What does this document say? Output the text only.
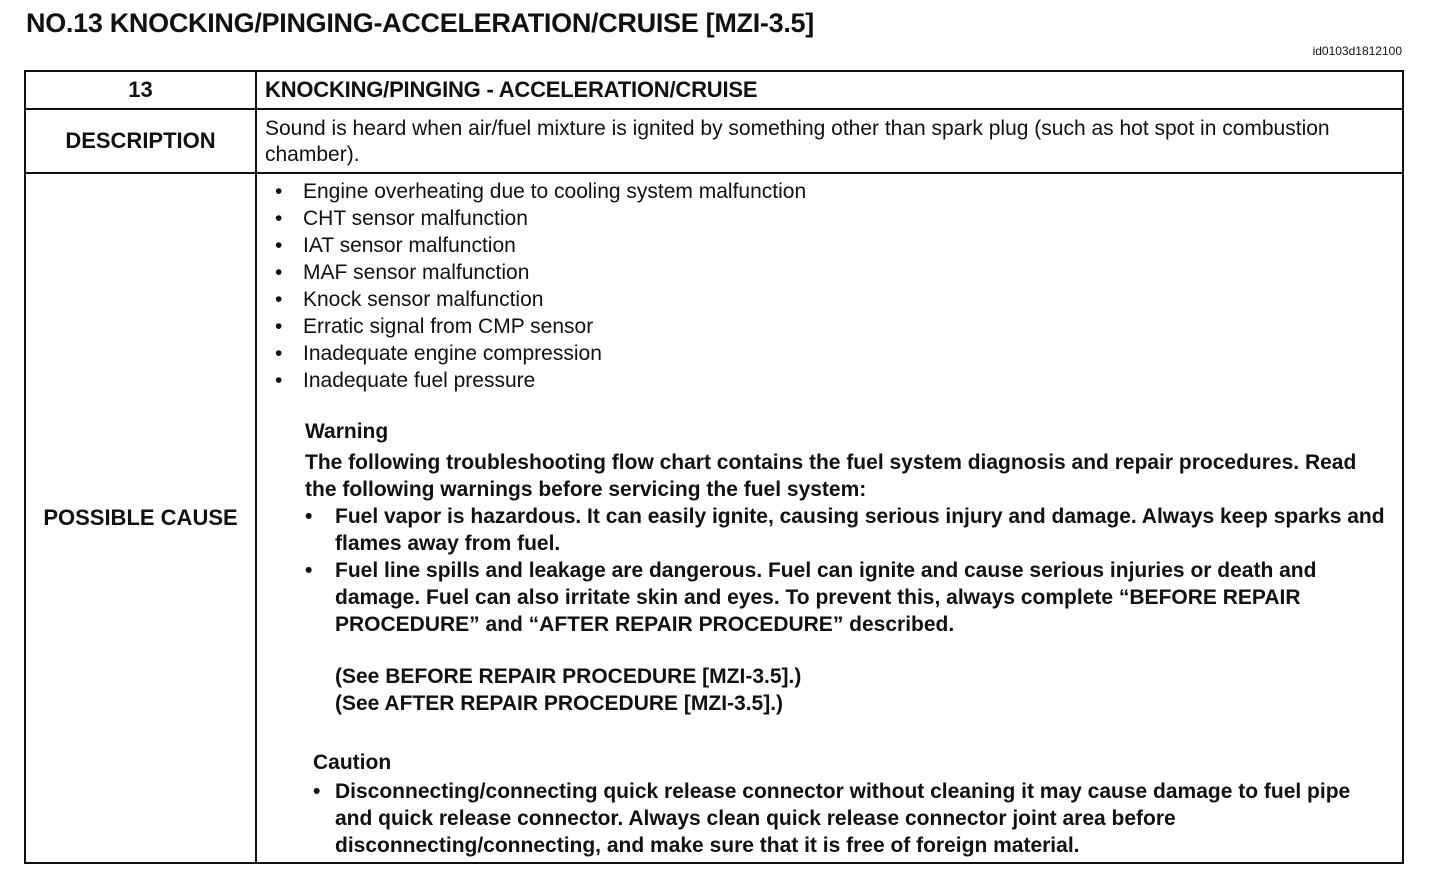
NO.13 KNOCKING/PINGING-ACCELERATION/CRUISE [MZI-3.5]
id0103d1812100
13	KNOCKING/PINGING - ACCELERATION/CRUISE
DESCRIPTION	Sound is heard when air/fuel mixture is ignited by something other than spark plug (such as hot spot in combustion chamber).
POSSIBLE CAUSE
• Engine overheating due to cooling system malfunction
• CHT sensor malfunction
• IAT sensor malfunction
• MAF sensor malfunction
• Knock sensor malfunction
• Erratic signal from CMP sensor
• Inadequate engine compression
• Inadequate fuel pressure
Warning
The following troubleshooting flow chart contains the fuel system diagnosis and repair procedures. Read the following warnings before servicing the fuel system:
• Fuel vapor is hazardous. It can easily ignite, causing serious injury and damage. Always keep sparks and flames away from fuel.
• Fuel line spills and leakage are dangerous. Fuel can ignite and cause serious injuries or death and damage. Fuel can also irritate skin and eyes. To prevent this, always complete “BEFORE REPAIR PROCEDURE” and “AFTER REPAIR PROCEDURE” described.
(See BEFORE REPAIR PROCEDURE [MZI-3.5].)
(See AFTER REPAIR PROCEDURE [MZI-3.5].)
Caution
• Disconnecting/connecting quick release connector without cleaning it may cause damage to fuel pipe and quick release connector. Always clean quick release connector joint area before disconnecting/connecting, and make sure that it is free of foreign material.
